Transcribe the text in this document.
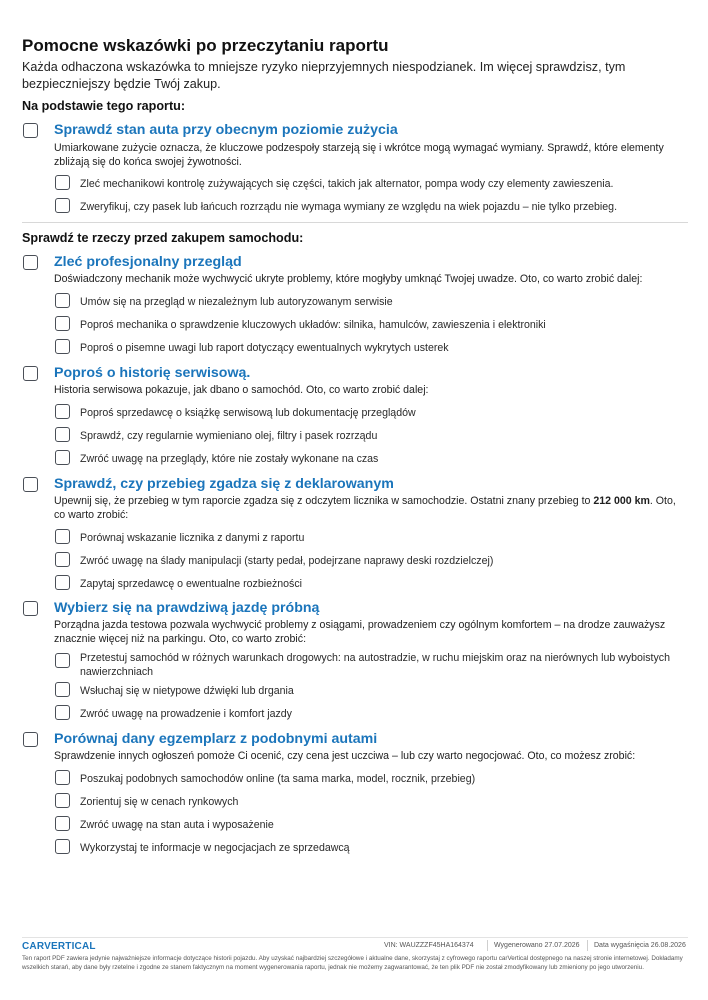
Pomocne wskazówki po przeczytaniu raportu
Każda odhaczona wskazówka to mniejsze ryzyko nieprzyjemnych niespodzianek. Im więcej sprawdzisz, tym bezpieczniejszy będzie Twój zakup.
Na podstawie tego raportu:
Sprawdź stan auta przy obecnym poziomie zużycia
Umiarkowane zużycie oznacza, że kluczowe podzespoły starzeją się i wkrótce mogą wymagać wymiany. Sprawdź, które elementy zbliżają się do końca swojej żywotności.
Zleć mechanikowi kontrolę zużywających się części, takich jak alternator, pompa wody czy elementy zawieszenia.
Zweryfikuj, czy pasek lub łańcuch rozrządu nie wymaga wymiany ze względu na wiek pojazdu – nie tylko przebieg.
Sprawdź te rzeczy przed zakupem samochodu:
Zleć profesjonalny przegląd
Doświadczony mechanik może wychwycić ukryte problemy, które mogłyby umknąć Twojej uwadze. Oto, co warto zrobić dalej:
Umów się na przegląd w niezależnym lub autoryzowanym serwisie
Poproś mechanika o sprawdzenie kluczowych układów: silnika, hamulców, zawieszenia i elektroniki
Poproś o pisemne uwagi lub raport dotyczący ewentualnych wykrytych usterek
Poproś o historię serwisową.
Historia serwisowa pokazuje, jak dbano o samochód. Oto, co warto zrobić dalej:
Poproś sprzedawcę o książkę serwisową lub dokumentację przeglądów
Sprawdź, czy regularnie wymieniano olej, filtry i pasek rozrządu
Zwróć uwagę na przeglądy, które nie zostały wykonane na czas
Sprawdź, czy przebieg zgadza się z deklarowanym
Upewnij się, że przebieg w tym raporcie zgadza się z odczytem licznika w samochodzie. Ostatni znany przebieg to 212 000 km. Oto, co warto zrobić:
Porównaj wskazanie licznika z danymi z raportu
Zwróć uwagę na ślady manipulacji (starty pedał, podejrzane naprawy deski rozdzielczej)
Zapytaj sprzedawcę o ewentualne rozbieżności
Wybierz się na prawdziwą jazdę próbną
Porządna jazda testowa pozwala wychwycić problemy z osiągami, prowadzeniem czy ogólnym komfortem – na drodze zauważysz znacznie więcej niż na parkingu. Oto, co warto zrobić:
Przetestuj samochód w różnych warunkach drogowych: na autostradzie, w ruchu miejskim oraz na nierównych lub wyboistych nawierzchniach
Wsłuchaj się w nietypowe dźwięki lub drgania
Zwróć uwagę na prowadzenie i komfort jazdy
Porównaj dany egzemplarz z podobnymi autami
Sprawdzenie innych ogłoszeń pomoże Ci ocenić, czy cena jest uczciwa – lub czy warto negocjować. Oto, co możesz zrobić:
Poszukaj podobnych samochodów online (ta sama marka, model, rocznik, przebieg)
Zorientuj się w cenach rynkowych
Zwróć uwagę na stan auta i wyposażenie
Wykorzystaj te informacje w negocjacjach ze sprzedawcą
CARVERTICAL	VIN: WAUZZZF45HA164374	Wygenerowano 27.07.2026 Data wygaśnięcia 26.08.2026
Ten raport PDF zawiera jedynie najważniejsze informacje dotyczące historii pojazdu. Aby uzyskać najbardziej szczegółowe i aktualne dane, skorzystaj z cyfrowego raportu carVertical dostępnego na naszej stronie internetowej. Dokładamy wszelkich starań, aby dane były rzetelne i zgodne ze stanem faktycznym na moment wygenerowania raportu, jednak nie możemy zagwarantować, że ten plik PDF nie został zmodyfikowany lub zmieniony po jego utworzeniu.
